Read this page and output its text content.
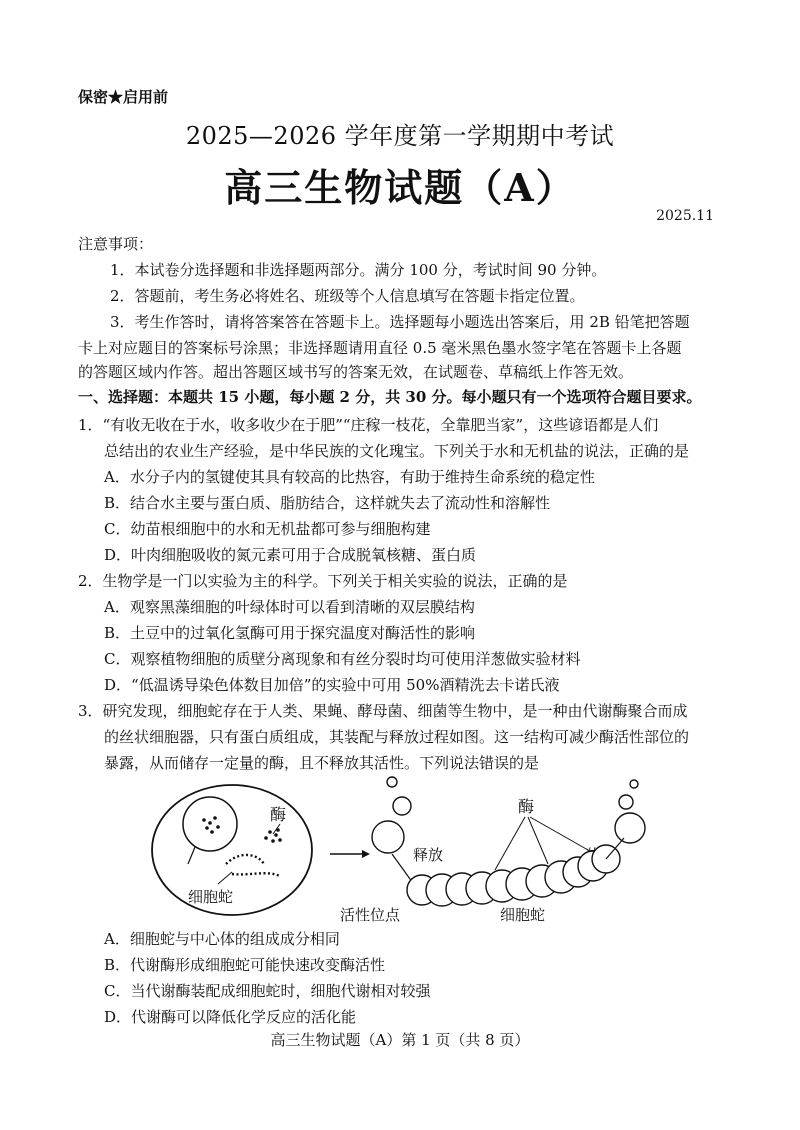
保密★启用前
2025—2026 学年度第一学期期中考试
高三生物试题（A）
2025.11
注意事项：
1．本试卷分选择题和非选择题两部分。满分 100 分，考试时间 90 分钟。
2．答题前，考生务必将姓名、班级等个人信息填写在答题卡指定位置。
3．考生作答时，请将答案答在答题卡上。选择题每小题选出答案后，用 2B 铅笔把答题
卡上对应题目的答案标号涂黑；非选择题请用直径 0.5 毫米黑色墨水签字笔在答题卡上各题
的答题区域内作答。超出答题区域书写的答案无效，在试题卷、草稿纸上作答无效。
一、选择题：本题共 15 小题，每小题 2 分，共 30 分。每小题只有一个选项符合题目要求。
1．“有收无收在于水，收多收少在于肥”“庄稼一枝花，全靠肥当家”，这些谚语都是人们
总结出的农业生产经验，是中华民族的文化瑰宝。下列关于水和无机盐的说法，正确的是
A．水分子内的氢键使其具有较高的比热容，有助于维持生命系统的稳定性
B．结合水主要与蛋白质、脂肪结合，这样就失去了流动性和溶解性
C．幼苗根细胞中的水和无机盐都可参与细胞构建
D．叶肉细胞吸收的氮元素可用于合成脱氧核糖、蛋白质
2．生物学是一门以实验为主的科学。下列关于相关实验的说法，正确的是
A．观察黑藻细胞的叶绿体时可以看到清晰的双层膜结构
B．土豆中的过氧化氢酶可用于探究温度对酶活性的影响
C．观察植物细胞的质壁分离现象和有丝分裂时均可使用洋葱做实验材料
D．“低温诱导染色体数目加倍”的实验中可用 50%酒精洗去卡诺氏液
3．研究发现，细胞蛇存在于人类、果蝇、酵母菌、细菌等生物中，是一种由代谢酶聚合而成
的丝状细胞器，只有蛋白质组成，其装配与释放过程如图。这一结构可减少酶活性部位的
暴露，从而储存一定量的酶，且不释放其活性。下列说法错误的是
酶
细胞蛇
释放
酶
活性位点	细胞蛇
A．细胞蛇与中心体的组成成分相同
B．代谢酶形成细胞蛇可能快速改变酶活性
C．当代谢酶装配成细胞蛇时，细胞代谢相对较强
D．代谢酶可以降低化学反应的活化能
高三生物试题（A）第 1 页（共 8 页）
